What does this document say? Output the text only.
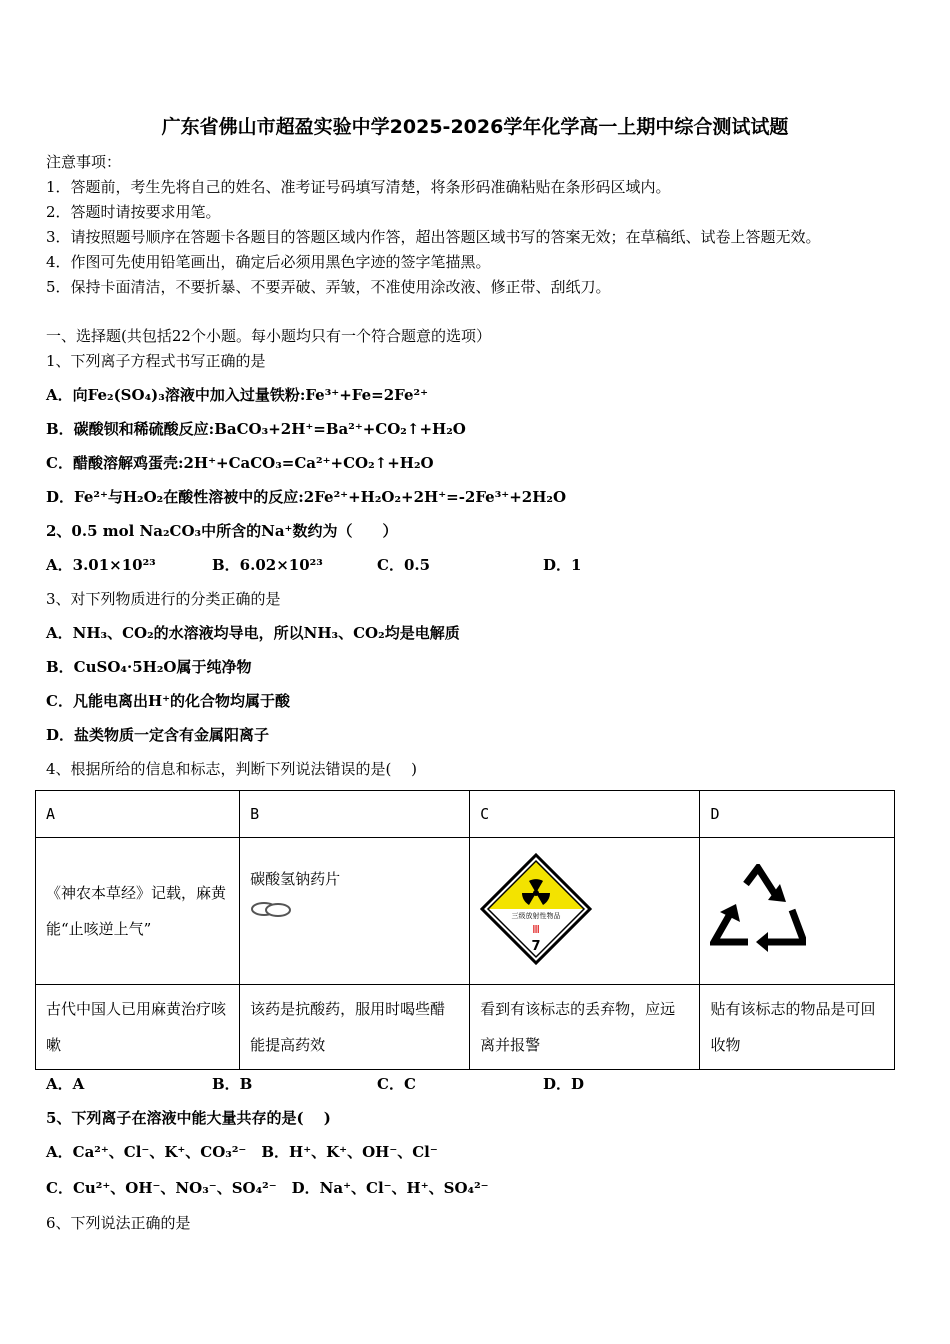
广东省佛山市超盈实验中学2025-2026学年化学高一上期中综合测试试题
注意事项：
1．答题前，考生先将自己的姓名、准考证号码填写清楚，将条形码准确粘贴在条形码区域内。
2．答题时请按要求用笔。
3．请按照题号顺序在答题卡各题目的答题区域内作答，超出答题区域书写的答案无效；在草稿纸、试卷上答题无效。
4．作图可先使用铅笔画出，确定后必须用黑色字迹的签字笔描黑。
5．保持卡面清洁，不要折暴、不要弄破、弄皱，不准使用涂改液、修正带、刮纸刀。
一、选择题(共包括22个小题。每小题均只有一个符合题意的选项）
1、下列离子方程式书写正确的是
A．向Fe₂(SO₄)₃溶液中加入过量铁粉:Fe³⁺+Fe=2Fe²⁺
B．碳酸钡和稀硫酸反应:BaCO₃+2H⁺=Ba²⁺+CO₂↑+H₂O
C．醋酸溶解鸡蛋壳:2H⁺+CaCO₃=Ca²⁺+CO₂↑+H₂O
D．Fe²⁺与H₂O₂在酸性溶被中的反应:2Fe²⁺+H₂O₂+2H⁺=-2Fe³⁺+2H₂O
2、0.5 mol Na₂CO₃中所含的Na⁺数约为（　　）
A．3.01×10²³	B．6.02×10²³	C．0.5	D．1
3、对下列物质进行的分类正确的是
A．NH₃、CO₂的水溶液均导电，所以NH₃、CO₂均是电解质
B．CuSO₄·5H₂O属于纯净物
C．凡能电离出H⁺的化合物均属于酸
D．盐类物质一定含有金属阳离子
4、根据所给的信息和标志，判断下列说法错误的是(　 )
A	B	C	D
《神农本草经》记载，麻黄能“止咳逆上气”	碳酸氢钠药片	三级放射性物品
Ⅲ
7

古代中国人已用麻黄治疗咳嗽	该药是抗酸药，服用时喝些醋能提高药效	看到有该标志的丢弃物，应远离并报警	贴有该标志的物品是可回收物
A．A	B．B	C．C	D．D
5、下列离子在溶液中能大量共存的是(　 )
A．Ca²⁺、Cl⁻、K⁺、CO₃²⁻　B．H⁺、K⁺、OH⁻、Cl⁻
C．Cu²⁺、OH⁻、NO₃⁻、SO₄²⁻　D．Na⁺、Cl⁻、H⁺、SO₄²⁻
6、下列说法正确的是
